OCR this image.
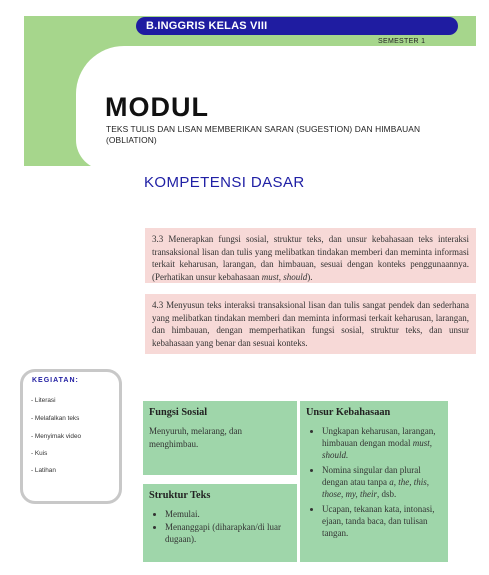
B.INGGRIS KELAS VIII
SEMESTER 1
MODUL
TEKS TULIS DAN LISAN MEMBERIKAN SARAN (SUGESTION) DAN HIMBAUAN (OBLIATION)
KOMPETENSI DASAR
3.3 Menerapkan fungsi sosial, struktur teks, dan unsur kebahasaan teks interaksi transaksional lisan dan tulis yang melibatkan tindakan memberi dan meminta informasi terkait keharusan, larangan, dan himbauan, sesuai dengan konteks penggunaannya. (Perhatikan unsur kebahasaan must, should).
4.3 Menyusun teks interaksi transaksional lisan dan tulis sangat pendek dan sederhana yang melibatkan tindakan memberi dan meminta informasi terkait keharusan, larangan, dan himbauan, dengan memperhatikan fungsi sosial, struktur teks, dan unsur kebahasaan yang benar dan sesuai konteks.
KEGIATAN:
- Literasi
- Melafalkan teks
- Menyimak video
- Kuis
- Latihan
Fungsi Sosial
Menyuruh, melarang, dan menghimbau.
Struktur Teks
• Memulai.
• Menanggapi (diharapkan/di luar dugaan).
Unsur Kebahasaan
• Ungkapan keharusan, larangan, himbauan dengan modal must, should.
• Nomina singular dan plural dengan atau tanpa a, the, this, those, my, their, dsb.
• Ucapan, tekanan kata, intonasi, ejaan, tanda baca, dan tulisan tangan.
